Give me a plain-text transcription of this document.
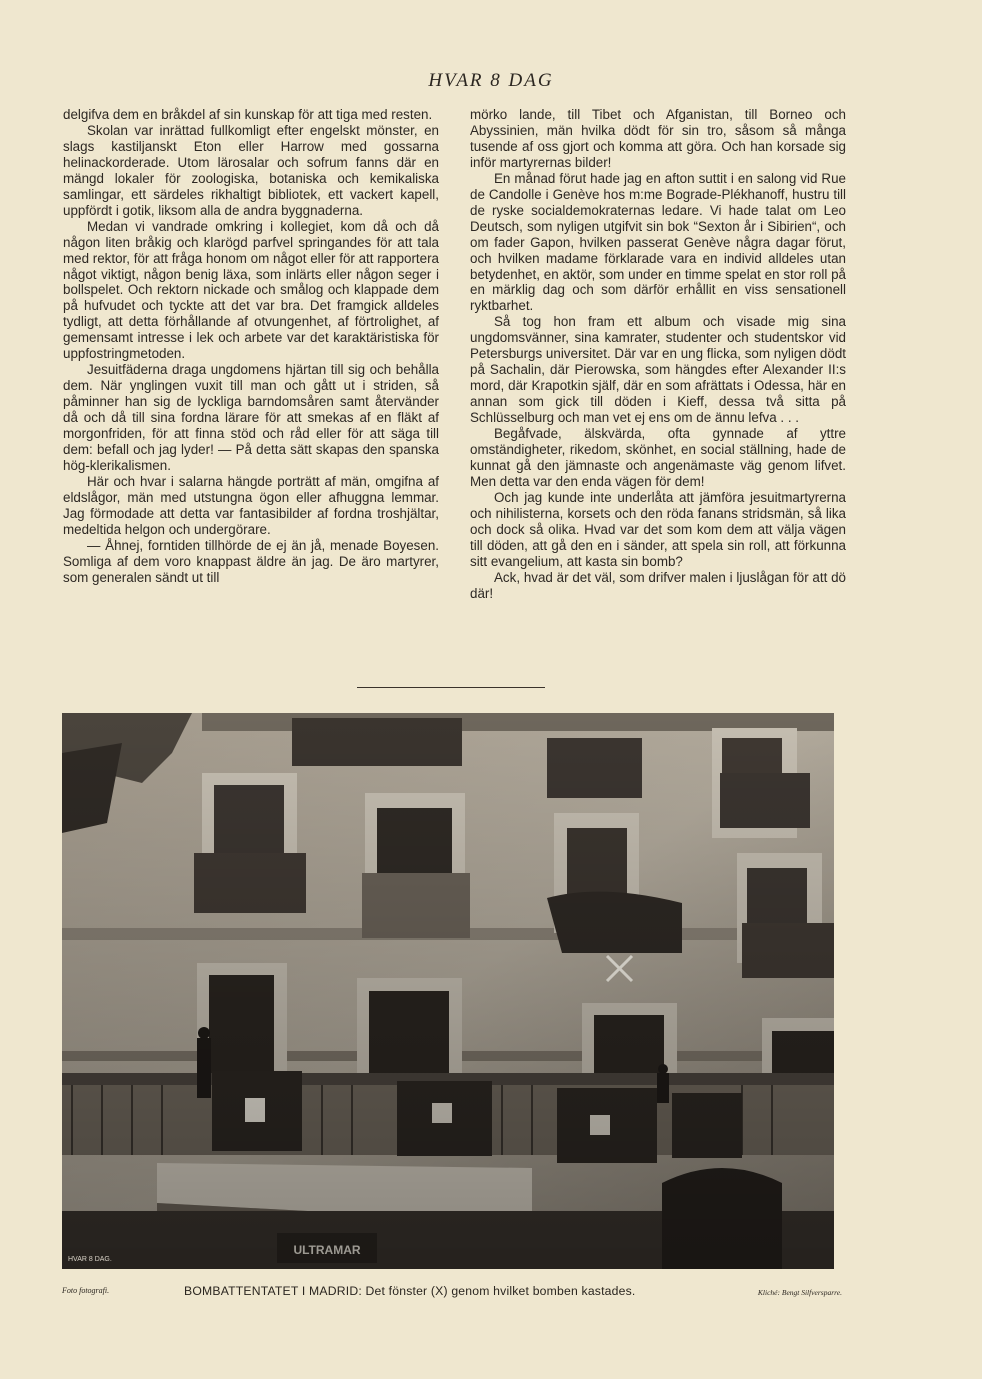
HVAR 8 DAG

delgifva dem en bråkdel af sin kunskap för att tiga med resten.

Skolan var inrättad fullkomligt efter engelskt mönster, en slags kastiljanskt Eton eller Harrow med gossarna helinackorderade. Utom lärosalar och sofrum fanns där en mängd lokaler för zoologiska, botaniska och kemikaliska samlingar, ett särdeles rikhaltigt bibliotek, ett vackert kapell, uppfördt i gotik, liksom alla de andra byggnaderna.

Medan vi vandrade omkring i kollegiet, kom då och då någon liten bråkig och klarögd parfvel springandes för att tala med rektor, för att fråga honom om något eller för att rapportera något viktigt, någon benig läxa, som inlärts eller någon seger i bollspelet. Och rektorn nickade och smålog och klappade dem på hufvudet och tyckte att det var bra. Det framgick alldeles tydligt, att detta förhållande af otvungenhet, af förtrolighet, af gemensamt intresse i lek och arbete var det karaktäristiska för uppfostringmetoden.

Jesuitfäderna draga ungdomens hjärtan till sig och behålla dem. När ynglingen vuxit till man och gått ut i striden, så påminner han sig de lyckliga barndomsåren samt återvänder då och då till sina fordna lärare för att smekas af en fläkt af morgonfriden, för att finna stöd och råd eller för att säga till dem: befall och jag lyder! — På detta sätt skapas den spanska hög-klerikalismen.

Här och hvar i salarna hängde porträtt af män, omgifna af eldslågor, män med utstungna ögon eller afhuggna lemmar. Jag förmodade att detta var fantasibilder af fordna troshjältar, medeltida helgon och undergörare.

— Åhnej, forntiden tillhörde de ej än jå, menade Boyesen. Somliga af dem voro knappast äldre än jag. De äro martyrer, som generalen sändt ut till

mörko lande, till Tibet och Afganistan, till Borneo och Abyssinien, män hvilka dödt för sin tro, såsom så många tusende af oss gjort och komma att göra. Och han korsade sig inför martyrernas bilder!

En månad förut hade jag en afton suttit i en salong vid Rue de Candolle i Genève hos m:me Bograde-Plékhanoff, hustru till de ryske socialdemokraternas ledare. Vi hade talat om Leo Deutsch, som nyligen utgifvit sin bok “Sexton år i Sibirien“, och om fader Gapon, hvilken passerat Genève några dagar förut, och hvilken madame förklarade vara en individ alldeles utan betydenhet, en aktör, som under en timme spelat en stor roll på en märklig dag och som därför erhållit en viss sensationell ryktbarhet.

Så tog hon fram ett album och visade mig sina ungdomsvänner, sina kamrater, studenter och studentskor vid Petersburgs universitet. Där var en ung flicka, som nyligen dödt på Sachalin, där Pierowska, som hängdes efter Alexander II:s mord, där Krapotkin själf, där en som afrättats i Odessa, här en annan som gick till döden i Kieff, dessa två sitta på Schlüsselburg och man vet ej ens om de ännu lefva . . .

Begåfvade, älskvärda, ofta gynnade af yttre omständigheter, rikedom, skönhet, en social ställning, hade de kunnat gå den jämnaste och angenämaste väg genom lifvet. Men detta var den enda vägen för dem!

Och jag kunde inte underlåta att jämföra jesuitmartyrerna och nihilisterna, korsets och den röda fanans stridsmän, så lika och dock så olika. Hvad var det som kom dem att välja vägen till döden, att gå den en i sänder, att spela sin roll, att förkunna sitt evangelium, att kasta sin bomb?

Ack, hvad är det väl, som drifver malen i ljuslågan för att dö där!

HVAR 8 DAG.
Foto fotografi.	BOMBATTENTATET I MADRID: Det fönster (X) genom hvilket bomben kastades.	Kliché: Bengt Silfversparre.
